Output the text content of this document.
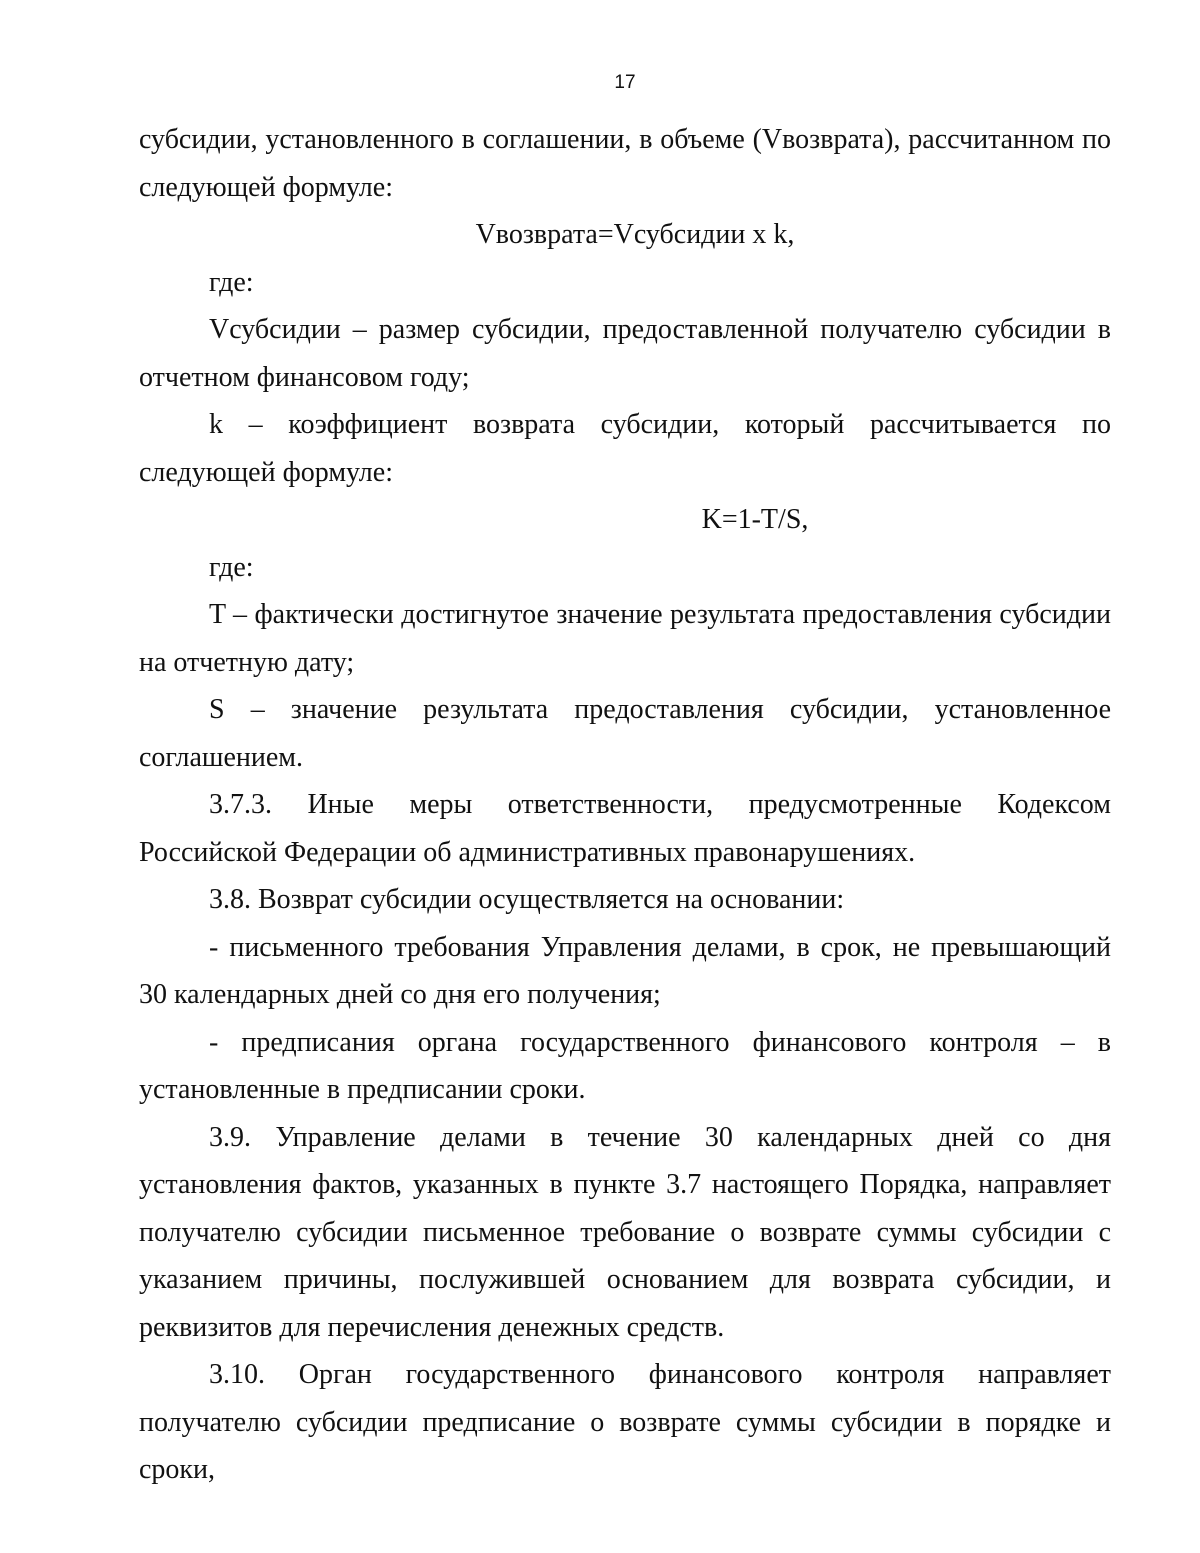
17

субсидии, установленного в соглашении, в объеме (Vвозврата), рассчитанном по следующей формуле:

Vвозврата=Vсубсидии x k,

где:

Vсубсидии – размер субсидии, предоставленной получателю субсидии в отчетном финансовом году;

k – коэффициент возврата субсидии, который рассчитывается по следующей формуле:

K=1-T/S,

где:

T – фактически достигнутое значение результата предоставления субсидии на отчетную дату;

S – значение результата предоставления субсидии, установленное соглашением.

3.7.3. Иные меры ответственности, предусмотренные Кодексом Российской Федерации об административных правонарушениях.

3.8. Возврат субсидии осуществляется на основании:

- письменного требования Управления делами, в срок, не превышающий 30 календарных дней со дня его получения;

- предписания органа государственного финансового контроля – в установленные в предписании сроки.

3.9. Управление делами в течение 30 календарных дней со дня установления фактов, указанных в пункте 3.7 настоящего Порядка, направляет получателю субсидии письменное требование о возврате суммы субсидии с указанием причины, послужившей основанием для возврата субсидии, и реквизитов для перечисления денежных средств.

3.10. Орган государственного финансового контроля направляет получателю субсидии предписание о возврате суммы субсидии в порядке и сроки,
